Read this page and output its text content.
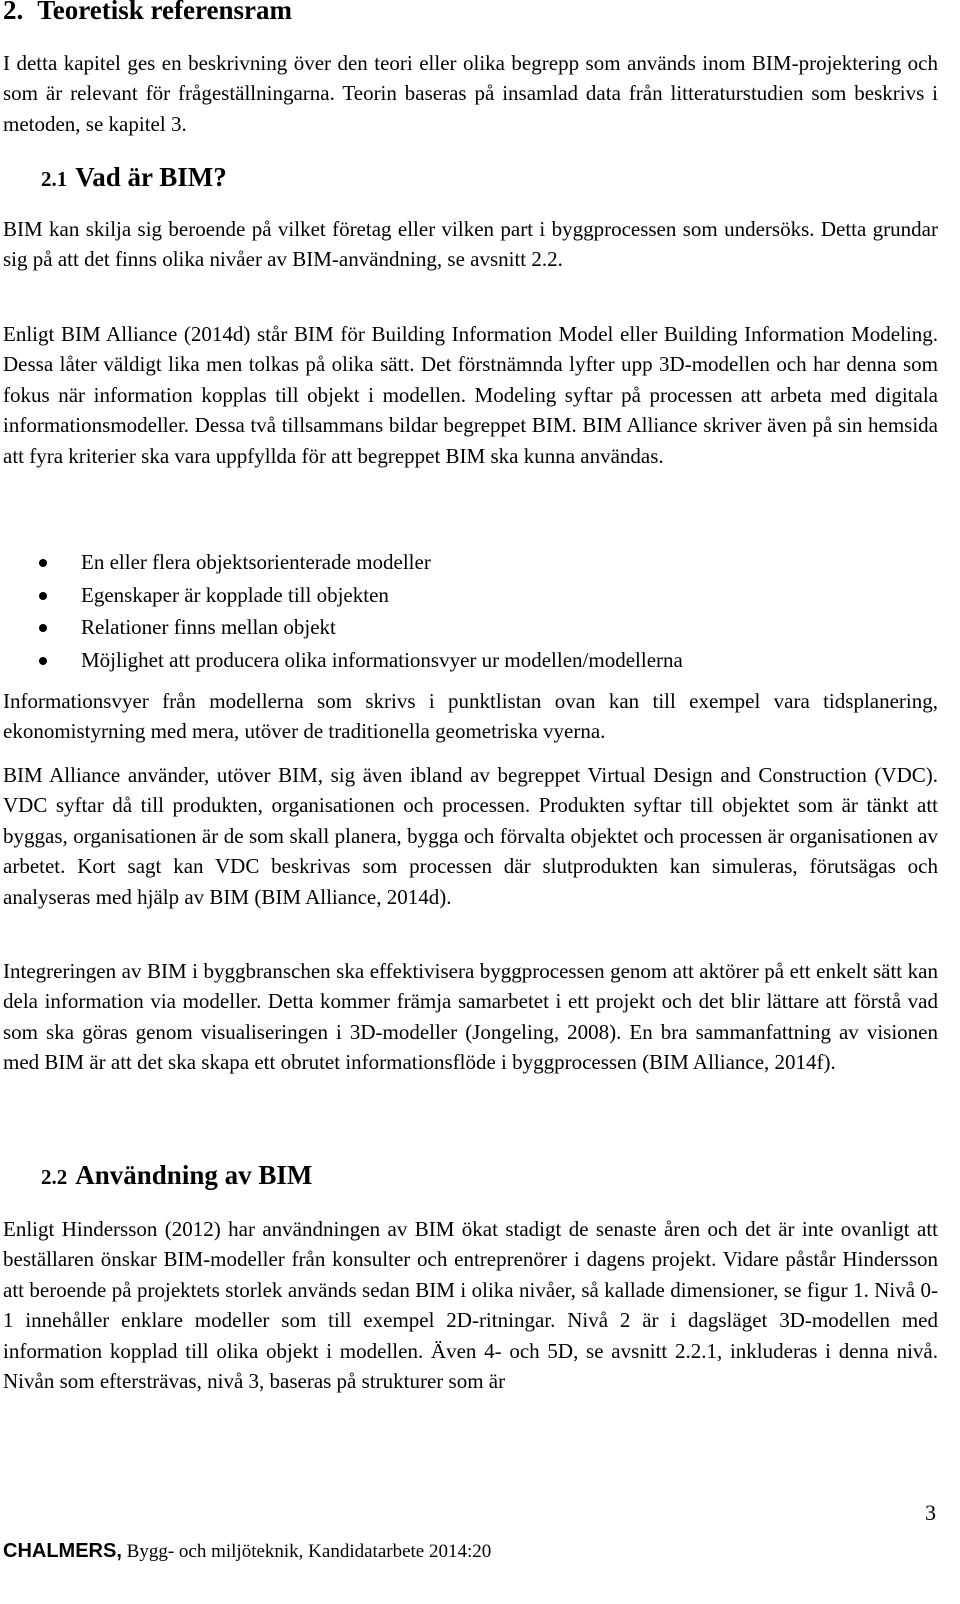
2. Teoretisk referensram

I detta kapitel ges en beskrivning över den teori eller olika begrepp som används inom BIM-projektering och som är relevant för frågeställningarna. Teorin baseras på insamlad data från litteraturstudien som beskrivs i metoden, se kapitel 3.

2.1 Vad är BIM?

BIM kan skilja sig beroende på vilket företag eller vilken part i byggprocessen som undersöks. Detta grundar sig på att det finns olika nivåer av BIM-användning, se avsnitt 2.2.

Enligt BIM Alliance (2014d) står BIM för Building Information Model eller Building Information Modeling. Dessa låter väldigt lika men tolkas på olika sätt. Det förstnämnda lyfter upp 3D-modellen och har denna som fokus när information kopplas till objekt i modellen. Modeling syftar på processen att arbeta med digitala informationsmodeller. Dessa två tillsammans bildar begreppet BIM. BIM Alliance skriver även på sin hemsida att fyra kriterier ska vara uppfyllda för att begreppet BIM ska kunna användas.

En eller flera objektsorienterade modeller
Egenskaper är kopplade till objekten
Relationer finns mellan objekt
Möjlighet att producera olika informationsvyer ur modellen/modellerna

Informationsvyer från modellerna som skrivs i punktlistan ovan kan till exempel vara tidsplanering, ekonomistyrning med mera, utöver de traditionella geometriska vyerna.

BIM Alliance använder, utöver BIM, sig även ibland av begreppet Virtual Design and Construction (VDC). VDC syftar då till produkten, organisationen och processen. Produkten syftar till objektet som är tänkt att byggas, organisationen är de som skall planera, bygga och förvalta objektet och processen är organisationen av arbetet. Kort sagt kan VDC beskrivas som processen där slutprodukten kan simuleras, förutsägas och analyseras med hjälp av BIM (BIM Alliance, 2014d).

Integreringen av BIM i byggbranschen ska effektivisera byggprocessen genom att aktörer på ett enkelt sätt kan dela information via modeller. Detta kommer främja samarbetet i ett projekt och det blir lättare att förstå vad som ska göras genom visualiseringen i 3D-modeller (Jongeling, 2008). En bra sammanfattning av visionen med BIM är att det ska skapa ett obrutet informationsflöde i byggprocessen (BIM Alliance, 2014f).

2.2 Användning av BIM

Enligt Hindersson (2012) har användningen av BIM ökat stadigt de senaste åren och det är inte ovanligt att beställaren önskar BIM-modeller från konsulter och entreprenörer i dagens projekt. Vidare påstår Hindersson att beroende på projektets storlek används sedan BIM i olika nivåer, så kallade dimensioner, se figur 1. Nivå 0-1 innehåller enklare modeller som till exempel 2D-ritningar. Nivå 2 är i dagsläget 3D-modellen med information kopplad till olika objekt i modellen. Även 4- och 5D, se avsnitt 2.2.1, inkluderas i denna nivå. Nivån som eftersträvas, nivå 3, baseras på strukturer som är

3
CHALMERS, Bygg- och miljöteknik, Kandidatarbete 2014:20
